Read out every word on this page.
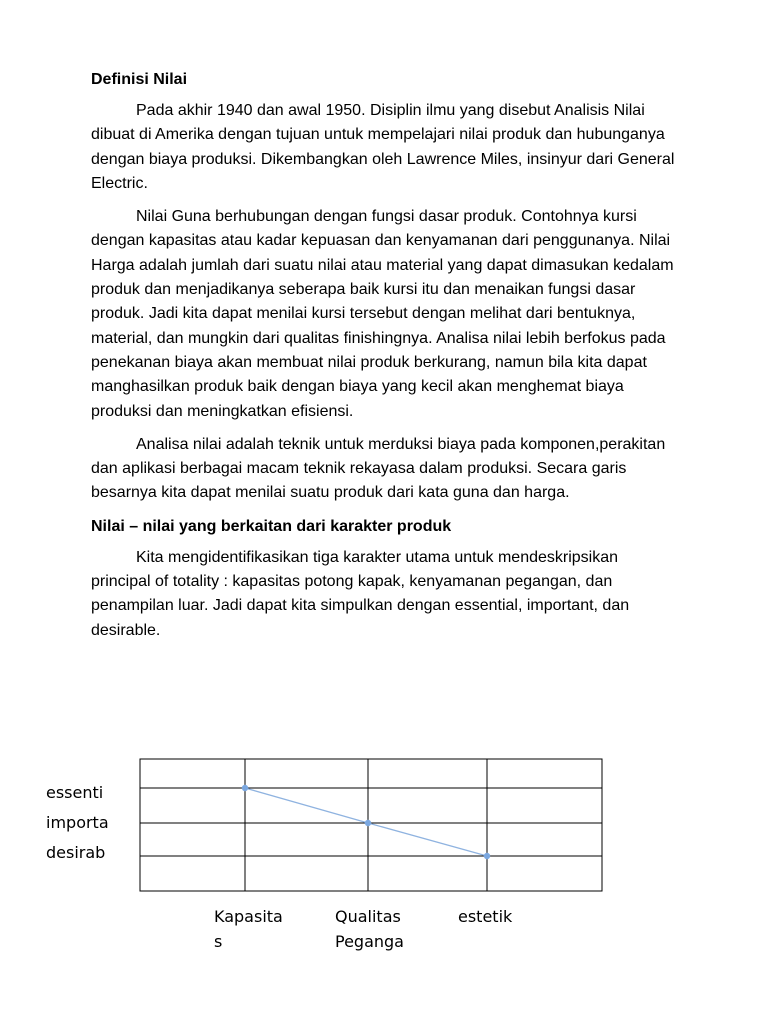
Definisi Nilai

Pada akhir 1940 dan awal 1950. Disiplin ilmu yang disebut Analisis Nilai dibuat di Amerika dengan tujuan untuk mempelajari nilai produk dan hubunganya dengan biaya produksi. Dikembangkan oleh Lawrence Miles, insinyur dari General Electric.

Nilai Guna berhubungan dengan fungsi dasar produk. Contohnya kursi dengan kapasitas atau kadar kepuasan dan kenyamanan dari penggunanya. Nilai Harga adalah jumlah dari suatu nilai atau material yang dapat dimasukan kedalam produk dan menjadikanya seberapa baik kursi itu dan menaikan fungsi dasar produk. Jadi kita dapat menilai kursi tersebut dengan melihat dari bentuknya, material, dan mungkin dari qualitas finishingnya. Analisa nilai lebih berfokus pada penekanan biaya akan membuat nilai produk berkurang, namun bila kita dapat manghasilkan produk baik dengan biaya yang kecil akan menghemat biaya produksi dan meningkatkan efisiensi.

Analisa nilai adalah teknik untuk merduksi biaya pada komponen,perakitan dan aplikasi berbagai macam teknik rekayasa dalam produksi. Secara garis besarnya kita dapat menilai suatu produk dari kata guna dan harga.

Nilai – nilai yang berkaitan dari karakter produk

Kita mengidentifikasikan tiga karakter utama untuk mendeskripsikan principal of totality : kapasitas potong kapak, kenyamanan pegangan, dan penampilan luar. Jadi dapat kita simpulkan dengan essential, important, dan desirable.

essenti
importa
desirab
Kapasita
s
Qualitas
Peganga
estetik
